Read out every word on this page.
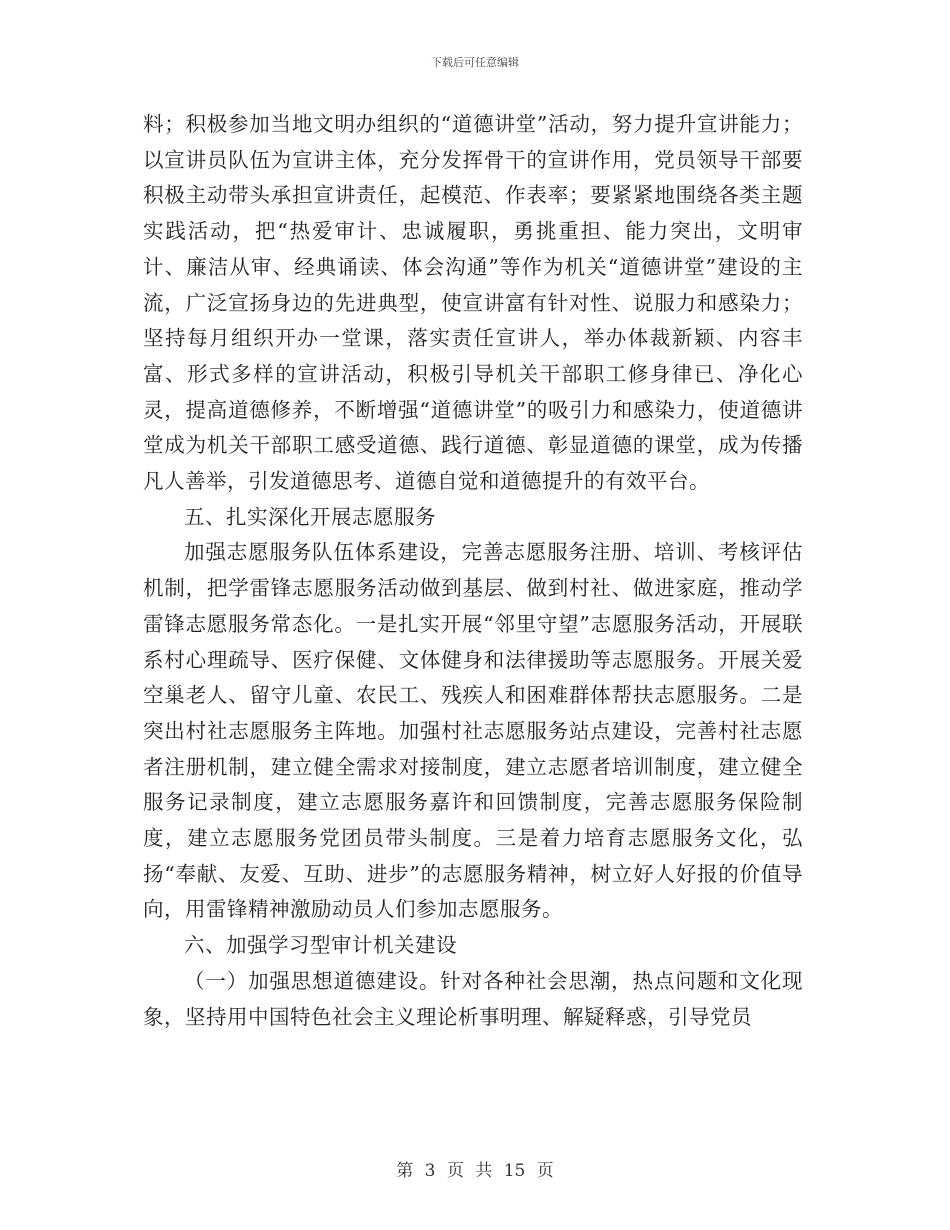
下载后可任意编辑

料；积极参加当地文明办组织的“道德讲堂”活动，努力提升宣讲能力；以宣讲员队伍为宣讲主体，充分发挥骨干的宣讲作用，党员领导干部要积极主动带头承担宣讲责任，起模范、作表率；要紧紧地围绕各类主题实践活动，把“热爱审计、忠诚履职，勇挑重担、能力突出，文明审计、廉洁从审、经典诵读、体会沟通”等作为机关“道德讲堂”建设的主流，广泛宣扬身边的先进典型，使宣讲富有针对性、说服力和感染力；坚持每月组织开办一堂课，落实责任宣讲人，举办体裁新颖、内容丰富、形式多样的宣讲活动，积极引导机关干部职工修身律已、净化心灵，提高道德修养，不断增强“道德讲堂”的吸引力和感染力，使道德讲堂成为机关干部职工感受道德、践行道德、彰显道德的课堂，成为传播凡人善举，引发道德思考、道德自觉和道德提升的有效平台。

五、扎实深化开展志愿服务

加强志愿服务队伍体系建设，完善志愿服务注册、培训、考核评估机制，把学雷锋志愿服务活动做到基层、做到村社、做进家庭，推动学雷锋志愿服务常态化。一是扎实开展“邻里守望”志愿服务活动，开展联系村心理疏导、医疗保健、文体健身和法律援助等志愿服务。开展关爱空巢老人、留守儿童、农民工、残疾人和困难群体帮扶志愿服务。二是突出村社志愿服务主阵地。加强村社志愿服务站点建设，完善村社志愿者注册机制，建立健全需求对接制度，建立志愿者培训制度，建立健全服务记录制度，建立志愿服务嘉许和回馈制度，完善志愿服务保险制度，建立志愿服务党团员带头制度。三是着力培育志愿服务文化，弘扬“奉献、友爱、互助、进步”的志愿服务精神，树立好人好报的价值导向，用雷锋精神激励动员人们参加志愿服务。

六、加强学习型审计机关建设

（一）加强思想道德建设。针对各种社会思潮，热点问题和文化现象，坚持用中国特色社会主义理论析事明理、解疑释惑，引导党员

第 3 页 共 15 页
